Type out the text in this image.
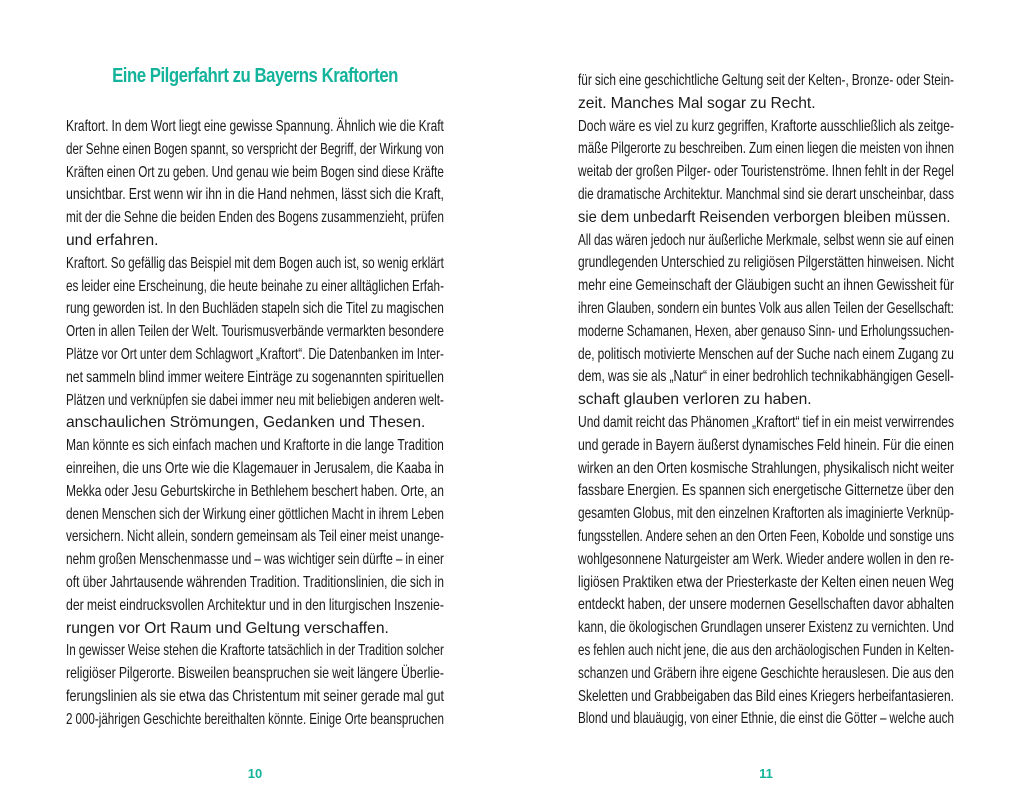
Eine Pilgerfahrt zu Bayerns Kraftorten
Kraftort. In dem Wort liegt eine gewisse Spannung. Ähnlich wie die Kraft
der Sehne einen Bogen spannt, so verspricht der Begriff, der Wirkung von
Kräften einen Ort zu geben. Und genau wie beim Bogen sind diese Kräfte
unsichtbar. Erst wenn wir ihn in die Hand nehmen, lässt sich die Kraft,
mit der die Sehne die beiden Enden des Bogens zusammenzieht, prüfen
und erfahren.
Kraftort. So gefällig das Beispiel mit dem Bogen auch ist, so wenig erklärt
es leider eine Erscheinung, die heute beinahe zu einer alltäglichen Erfah-
rung geworden ist. In den Buchläden stapeln sich die Titel zu magischen
Orten in allen Teilen der Welt. Tourismusverbände vermarkten besondere
Plätze vor Ort unter dem Schlagwort „Kraftort“. Die Datenbanken im Inter-
net sammeln blind immer weitere Einträge zu sogenannten spirituellen
Plätzen und verknüpfen sie dabei immer neu mit beliebigen anderen welt-
anschaulichen Strömungen, Gedanken und Thesen.
Man könnte es sich einfach machen und Kraftorte in die lange Tradition
einreihen, die uns Orte wie die Klagemauer in Jerusalem, die Kaaba in
Mekka oder Jesu Geburtskirche in Bethlehem beschert haben. Orte, an
denen Menschen sich der Wirkung einer göttlichen Macht in ihrem Leben
versichern. Nicht allein, sondern gemeinsam als Teil einer meist unange-
nehm großen Menschenmasse und – was wichtiger sein dürfte – in einer
oft über Jahrtausende währenden Tradition. Traditionslinien, die sich in
der meist eindrucksvollen Architektur und in den liturgischen Inszenie-
rungen vor Ort Raum und Geltung verschaffen.
In gewisser Weise stehen die Kraftorte tatsächlich in der Tradition solcher
religiöser Pilgerorte. Bisweilen beanspruchen sie weit längere Überlie-
ferungslinien als sie etwa das Christentum mit seiner gerade mal gut
2 000-jährigen Geschichte bereithalten könnte. Einige Orte beanspruchen
10
für sich eine geschichtliche Geltung seit der Kelten-, Bronze- oder Stein-
zeit. Manches Mal sogar zu Recht.
Doch wäre es viel zu kurz gegriffen, Kraftorte ausschließlich als zeitge-
mäße Pilgerorte zu beschreiben. Zum einen liegen die meisten von ihnen
weitab der großen Pilger- oder Touristenströme. Ihnen fehlt in der Regel
die dramatische Architektur. Manchmal sind sie derart unscheinbar, dass
sie dem unbedarft Reisenden verborgen bleiben müssen.
All das wären jedoch nur äußerliche Merkmale, selbst wenn sie auf einen
grundlegenden Unterschied zu religiösen Pilgerstätten hinweisen. Nicht
mehr eine Gemeinschaft der Gläubigen sucht an ihnen Gewissheit für
ihren Glauben, sondern ein buntes Volk aus allen Teilen der Gesellschaft:
moderne Schamanen, Hexen, aber genauso Sinn- und Erholungssuchen-
de, politisch motivierte Menschen auf der Suche nach einem Zugang zu
dem, was sie als „Natur“ in einer bedrohlich technikabhängigen Gesell-
schaft glauben verloren zu haben.
Und damit reicht das Phänomen „Kraftort“ tief in ein meist verwirrendes
und gerade in Bayern äußerst dynamisches Feld hinein. Für die einen
wirken an den Orten kosmische Strahlungen, physikalisch nicht weiter
fassbare Energien. Es spannen sich energetische Gitternetze über den
gesamten Globus, mit den einzelnen Kraftorten als imaginierte Verknüp-
fungsstellen. Andere sehen an den Orten Feen, Kobolde und sonstige uns
wohlgesonnene Naturgeister am Werk. Wieder andere wollen in den re-
ligiösen Praktiken etwa der Priesterkaste der Kelten einen neuen Weg
entdeckt haben, der unsere modernen Gesellschaften davor abhalten
kann, die ökologischen Grundlagen unserer Existenz zu vernichten. Und
es fehlen auch nicht jene, die aus den archäologischen Funden in Kelten-
schanzen und Gräbern ihre eigene Geschichte herauslesen. Die aus den
Skeletten und Grabbeigaben das Bild eines Kriegers herbeifantasieren.
Blond und blauäugig, von einer Ethnie, die einst die Götter – welche auch
11
